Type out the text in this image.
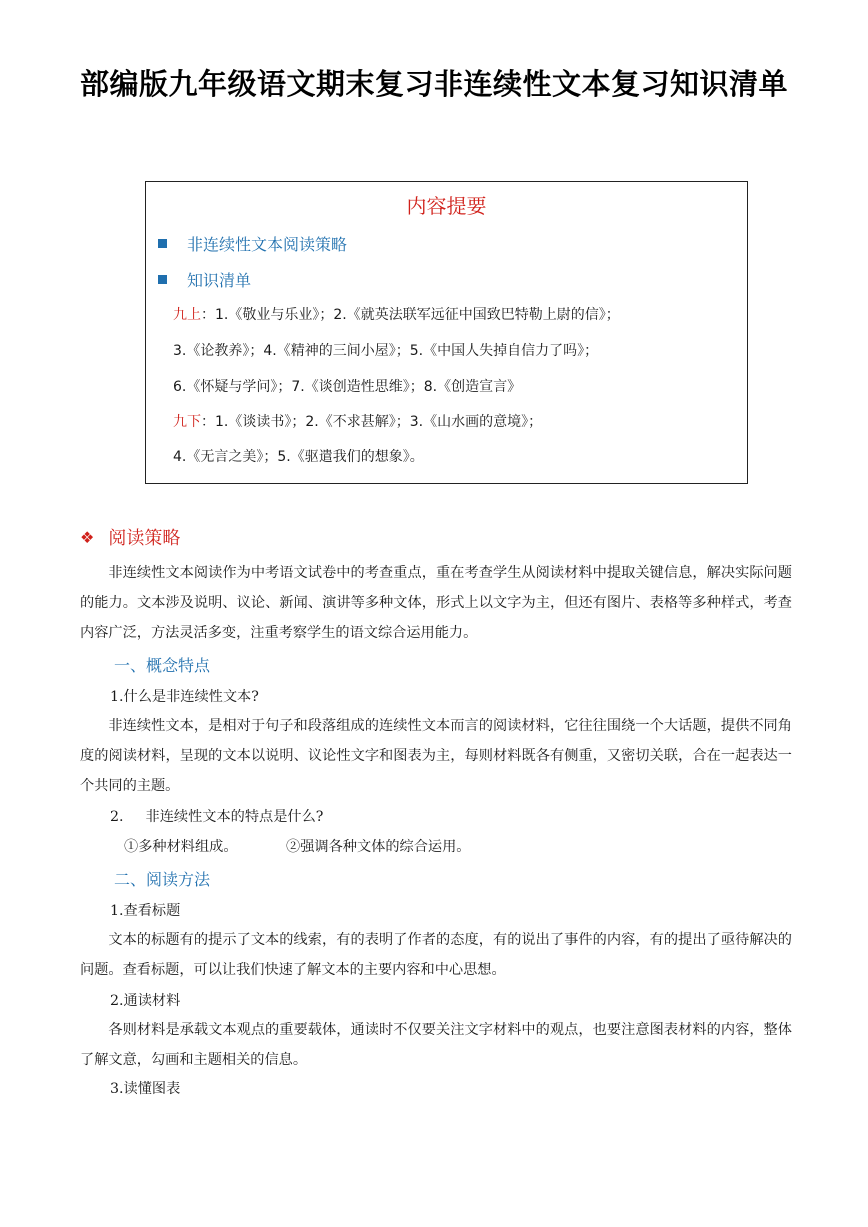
部编版九年级语文期末复习非连续性文本复习知识清单
内容提要
非连续性文本阅读策略
知识清单
九上：1.《敬业与乐业》；2.《就英法联军远征中国致巴特勒上尉的信》；
3.《论教养》；4.《精神的三间小屋》；5.《中国人失掉自信力了吗》；
6.《怀疑与学问》；7.《谈创造性思维》；8.《创造宣言》
九下：1.《谈读书》；2.《不求甚解》；3.《山水画的意境》；
4.《无言之美》；5.《驱遣我们的想象》。
❖ 阅读策略

非连续性文本阅读作为中考语文试卷中的考查重点，重在考查学生从阅读材料中提取关键信息，解决实际问题的能力。文本涉及说明、议论、新闻、演讲等多种文体，形式上以文字为主，但还有图片、表格等多种样式，考查内容广泛，方法灵活多变，注重考察学生的语文综合运用能力。

一、概念特点
1.什么是非连续性文本?

非连续性文本，是相对于句子和段落组成的连续性文本而言的阅读材料，它往往围绕一个大话题，提供不同角度的阅读材料，呈现的文本以说明、议论性文字和图表为主，每则材料既各有侧重，又密切关联，合在一起表达一个共同的主题。

2. 非连续性文本的特点是什么?
①多种材料组成。	②强调各种文体的综合运用。
二、阅读方法
1.查看标题

文本的标题有的提示了文本的线索，有的表明了作者的态度，有的说出了事件的内容，有的提出了亟待解决的问题。查看标题，可以让我们快速了解文本的主要内容和中心思想。

2.通读材料

各则材料是承载文本观点的重要载体，通读时不仅要关注文字材料中的观点，也要注意图表材料的内容，整体了解文意，勾画和主题相关的信息。

3.读懂图表
